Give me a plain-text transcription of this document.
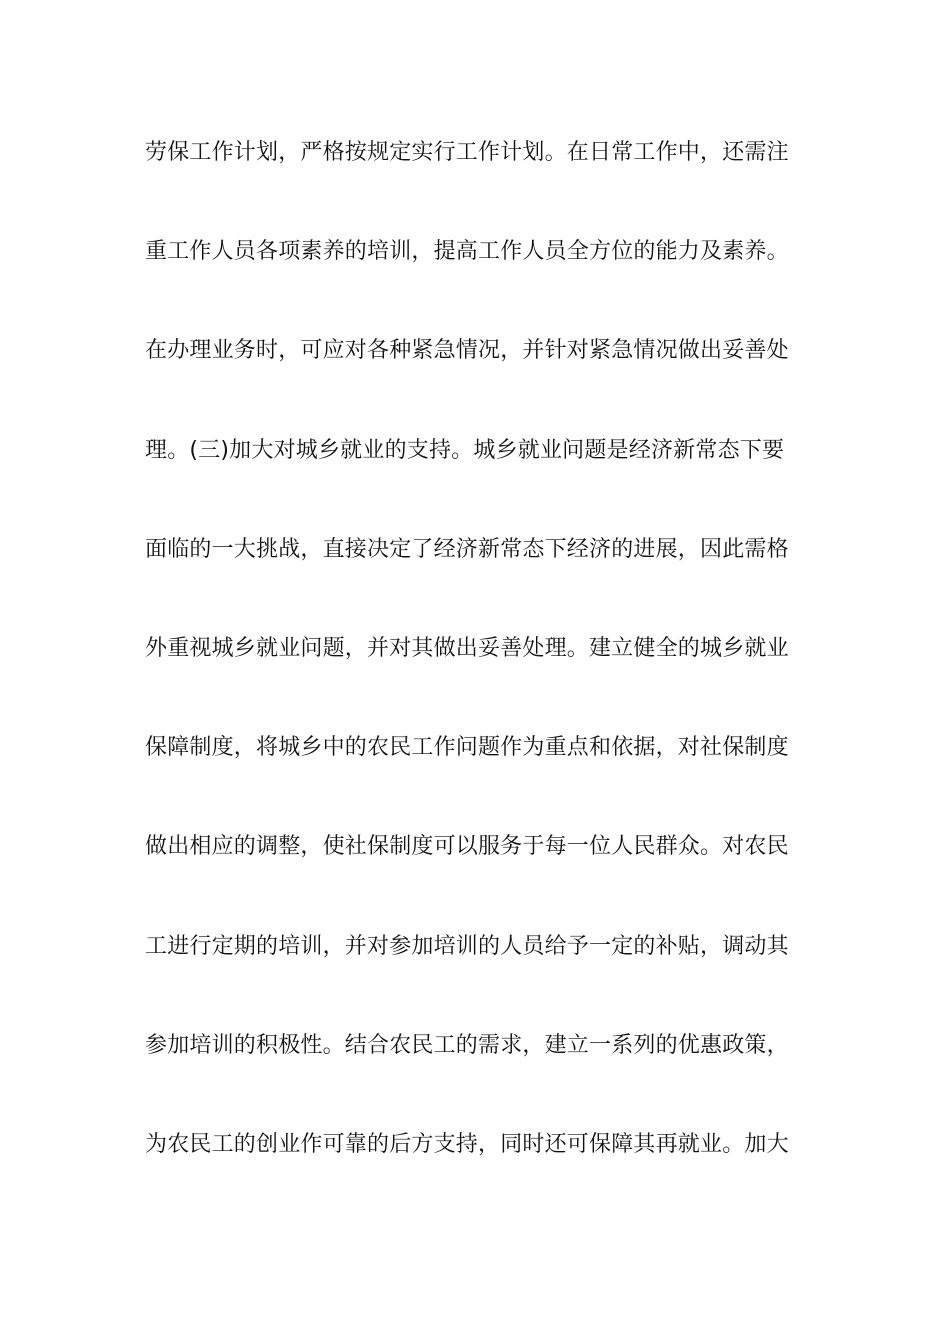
劳保工作计划，严格按规定实行工作计划。在日常工作中，还需注
重工作人员各项素养的培训，提高工作人员全方位的能力及素养。
在办理业务时，可应对各种紧急情况，并针对紧急情况做出妥善处
理。(三)加大对城乡就业的支持。城乡就业问题是经济新常态下要
面临的一大挑战，直接决定了经济新常态下经济的进展，因此需格
外重视城乡就业问题，并对其做出妥善处理。建立健全的城乡就业
保障制度，将城乡中的农民工作问题作为重点和依据，对社保制度
做出相应的调整，使社保制度可以服务于每一位人民群众。对农民
工进行定期的培训，并对参加培训的人员给予一定的补贴，调动其
参加培训的积极性。结合农民工的需求，建立一系列的优惠政策，
为农民工的创业作可靠的后方支持，同时还可保障其再就业。加大
